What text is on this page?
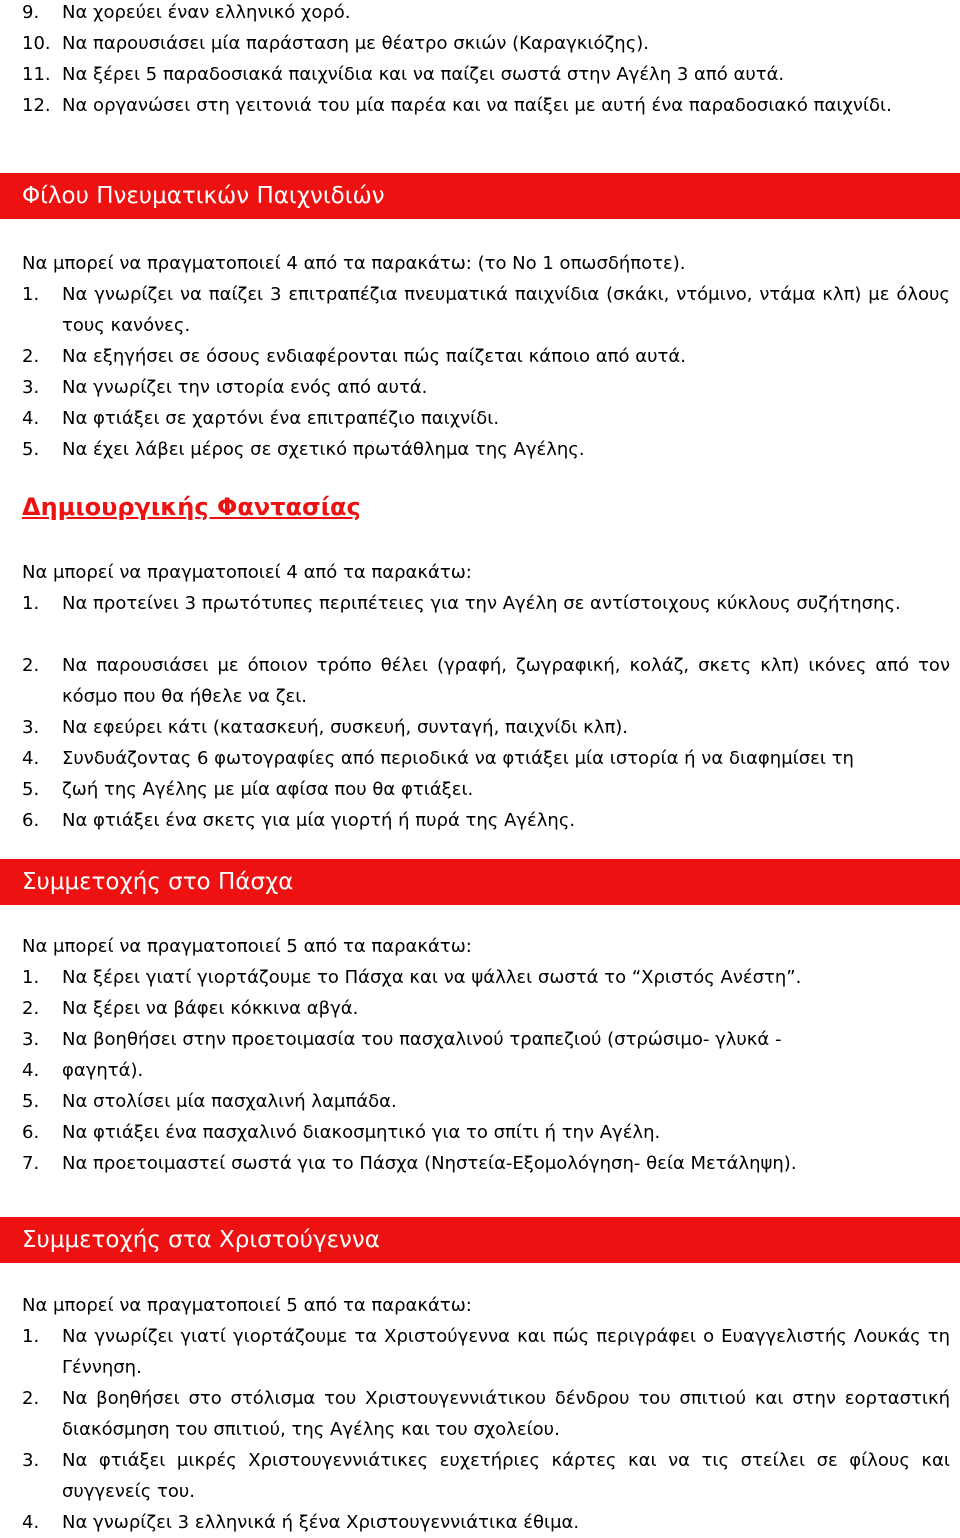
9.	Να χορεύει έναν ελληνικό χορό.
10. Να παρουσιάσει μία παράσταση με θέατρο σκιών (Καραγκιόζης).
11. Να ξέρει 5 παραδοσιακά παιχνίδια και να παίζει σωστά στην Αγέλη 3 από αυτά.
12. Να οργανώσει στη γειτονιά του μία παρέα και να παίξει με αυτή ένα παραδοσιακό παιχνίδι.
Φίλου Πνευματικών Παιχνιδιών
Να μπορεί να πραγματοποιεί 4 από τα παρακάτω: (το Νο 1 οπωσδήποτε).
1.	Να γνωρίζει να παίζει 3 επιτραπέζια πνευματικά παιχνίδια (σκάκι, ντόμινο, ντάμα κλπ) με όλους τους κανόνες.
2.	Να εξηγήσει σε όσους ενδιαφέρονται πώς παίζεται κάποιο από αυτά.
3.	Να γνωρίζει την ιστορία ενός από αυτά.
4.	Να φτιάξει σε χαρτόνι ένα επιτραπέζιο παιχνίδι.
5.	Να έχει λάβει μέρος σε σχετικό πρωτάθλημα της Αγέλης.
Δημιουργικής Φαντασίας
Να μπορεί να πραγματοποιεί 4 από τα παρακάτω:
1.	Να προτείνει 3 πρωτότυπες περιπέτειες για την Αγέλη σε αντίστοιχους κύκλους συζήτησης.
2.	Να παρουσιάσει με όποιον τρόπο θέλει (γραφή, ζωγραφική, κολάζ, σκετς κλπ) ικόνες από τον κόσμο που θα ήθελε να ζει.
3.	Να εφεύρει κάτι (κατασκευή, συσκευή, συνταγή, παιχνίδι κλπ).
4.	Συνδυάζοντας 6 φωτογραφίες από περιοδικά να φτιάξει μία ιστορία ή να διαφημίσει τη
5.	ζωή της Αγέλης με μία αφίσα που θα φτιάξει.
6.	Να φτιάξει ένα σκετς για μία γιορτή ή πυρά της Αγέλης.
Συμμετοχής στο Πάσχα
Να μπορεί να πραγματοποιεί 5 από τα παρακάτω:
1.	Να ξέρει γιατί γιορτάζουμε το Πάσχα και να ψάλλει σωστά το “Χριστός Ανέστη”.
2.	Να ξέρει να βάφει κόκκινα αβγά.
3.	Να βοηθήσει στην προετοιμασία του πασχαλινού τραπεζιού (στρώσιμο- γλυκά -
4.	φαγητά).
5.	Να στολίσει μία πασχαλινή λαμπάδα.
6.	Να φτιάξει ένα πασχαλινό διακοσμητικό για το σπίτι ή την Αγέλη.
7.	Να προετοιμαστεί σωστά για το Πάσχα (Νηστεία-Εξομολόγηση- θεία Μετάληψη).
Συμμετοχής στα Χριστούγεννα
Να μπορεί να πραγματοποιεί 5 από τα παρακάτω:
1.	Να γνωρίζει γιατί γιορτάζουμε τα Χριστούγεννα και πώς περιγράφει ο Ευαγγελιστής Λουκάς τη Γέννηση.
2.	Να βοηθήσει στο στόλισμα του Χριστουγεννιάτικου δένδρου του σπιτιού και στην εορταστική διακόσμηση του σπιτιού, της Αγέλης και του σχολείου.
3.	Να φτιάξει μικρές Χριστουγεννιάτικες ευχετήριες κάρτες και να τις στείλει σε φίλους και συγγενείς του.
4.	Να γνωρίζει 3 ελληνικά ή ξένα Χριστουγεννιάτικα έθιμα.
